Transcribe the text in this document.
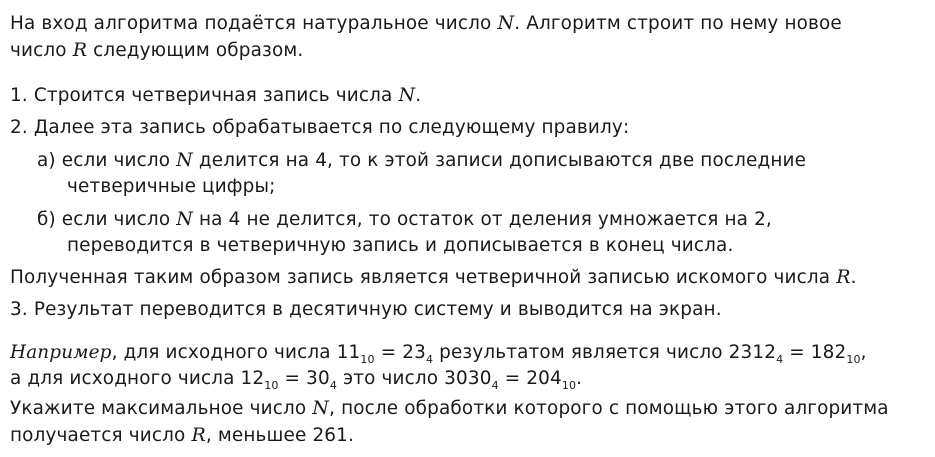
На вход алгоритма подаётся натуральное число N. Алгоритм строит по нему новое
число R следующим образом.
1. Строится четверичная запись числа N.
2. Далее эта запись обрабатывается по следующему правилу:
а) если число N делится на 4, то к этой записи дописываются две последние
четверичные цифры;
б) если число N на 4 не делится, то остаток от деления умножается на 2,
переводится в четверичную запись и дописывается в конец числа.
Полученная таким образом запись является четверичной записью искомого числа R.
3. Результат переводится в десятичную систему и выводится на экран.
Например, для исходного числа $11_{10} = 23_4$ результатом является число $2312_4 = 182_{10}$,
а для исходного числа $12_{10} = 30_4$ это число $3030_4 = 204_{10}$.
Укажите максимальное число N, после обработки которого с помощью этого алгоритма
получается число R, меньшее 261.
